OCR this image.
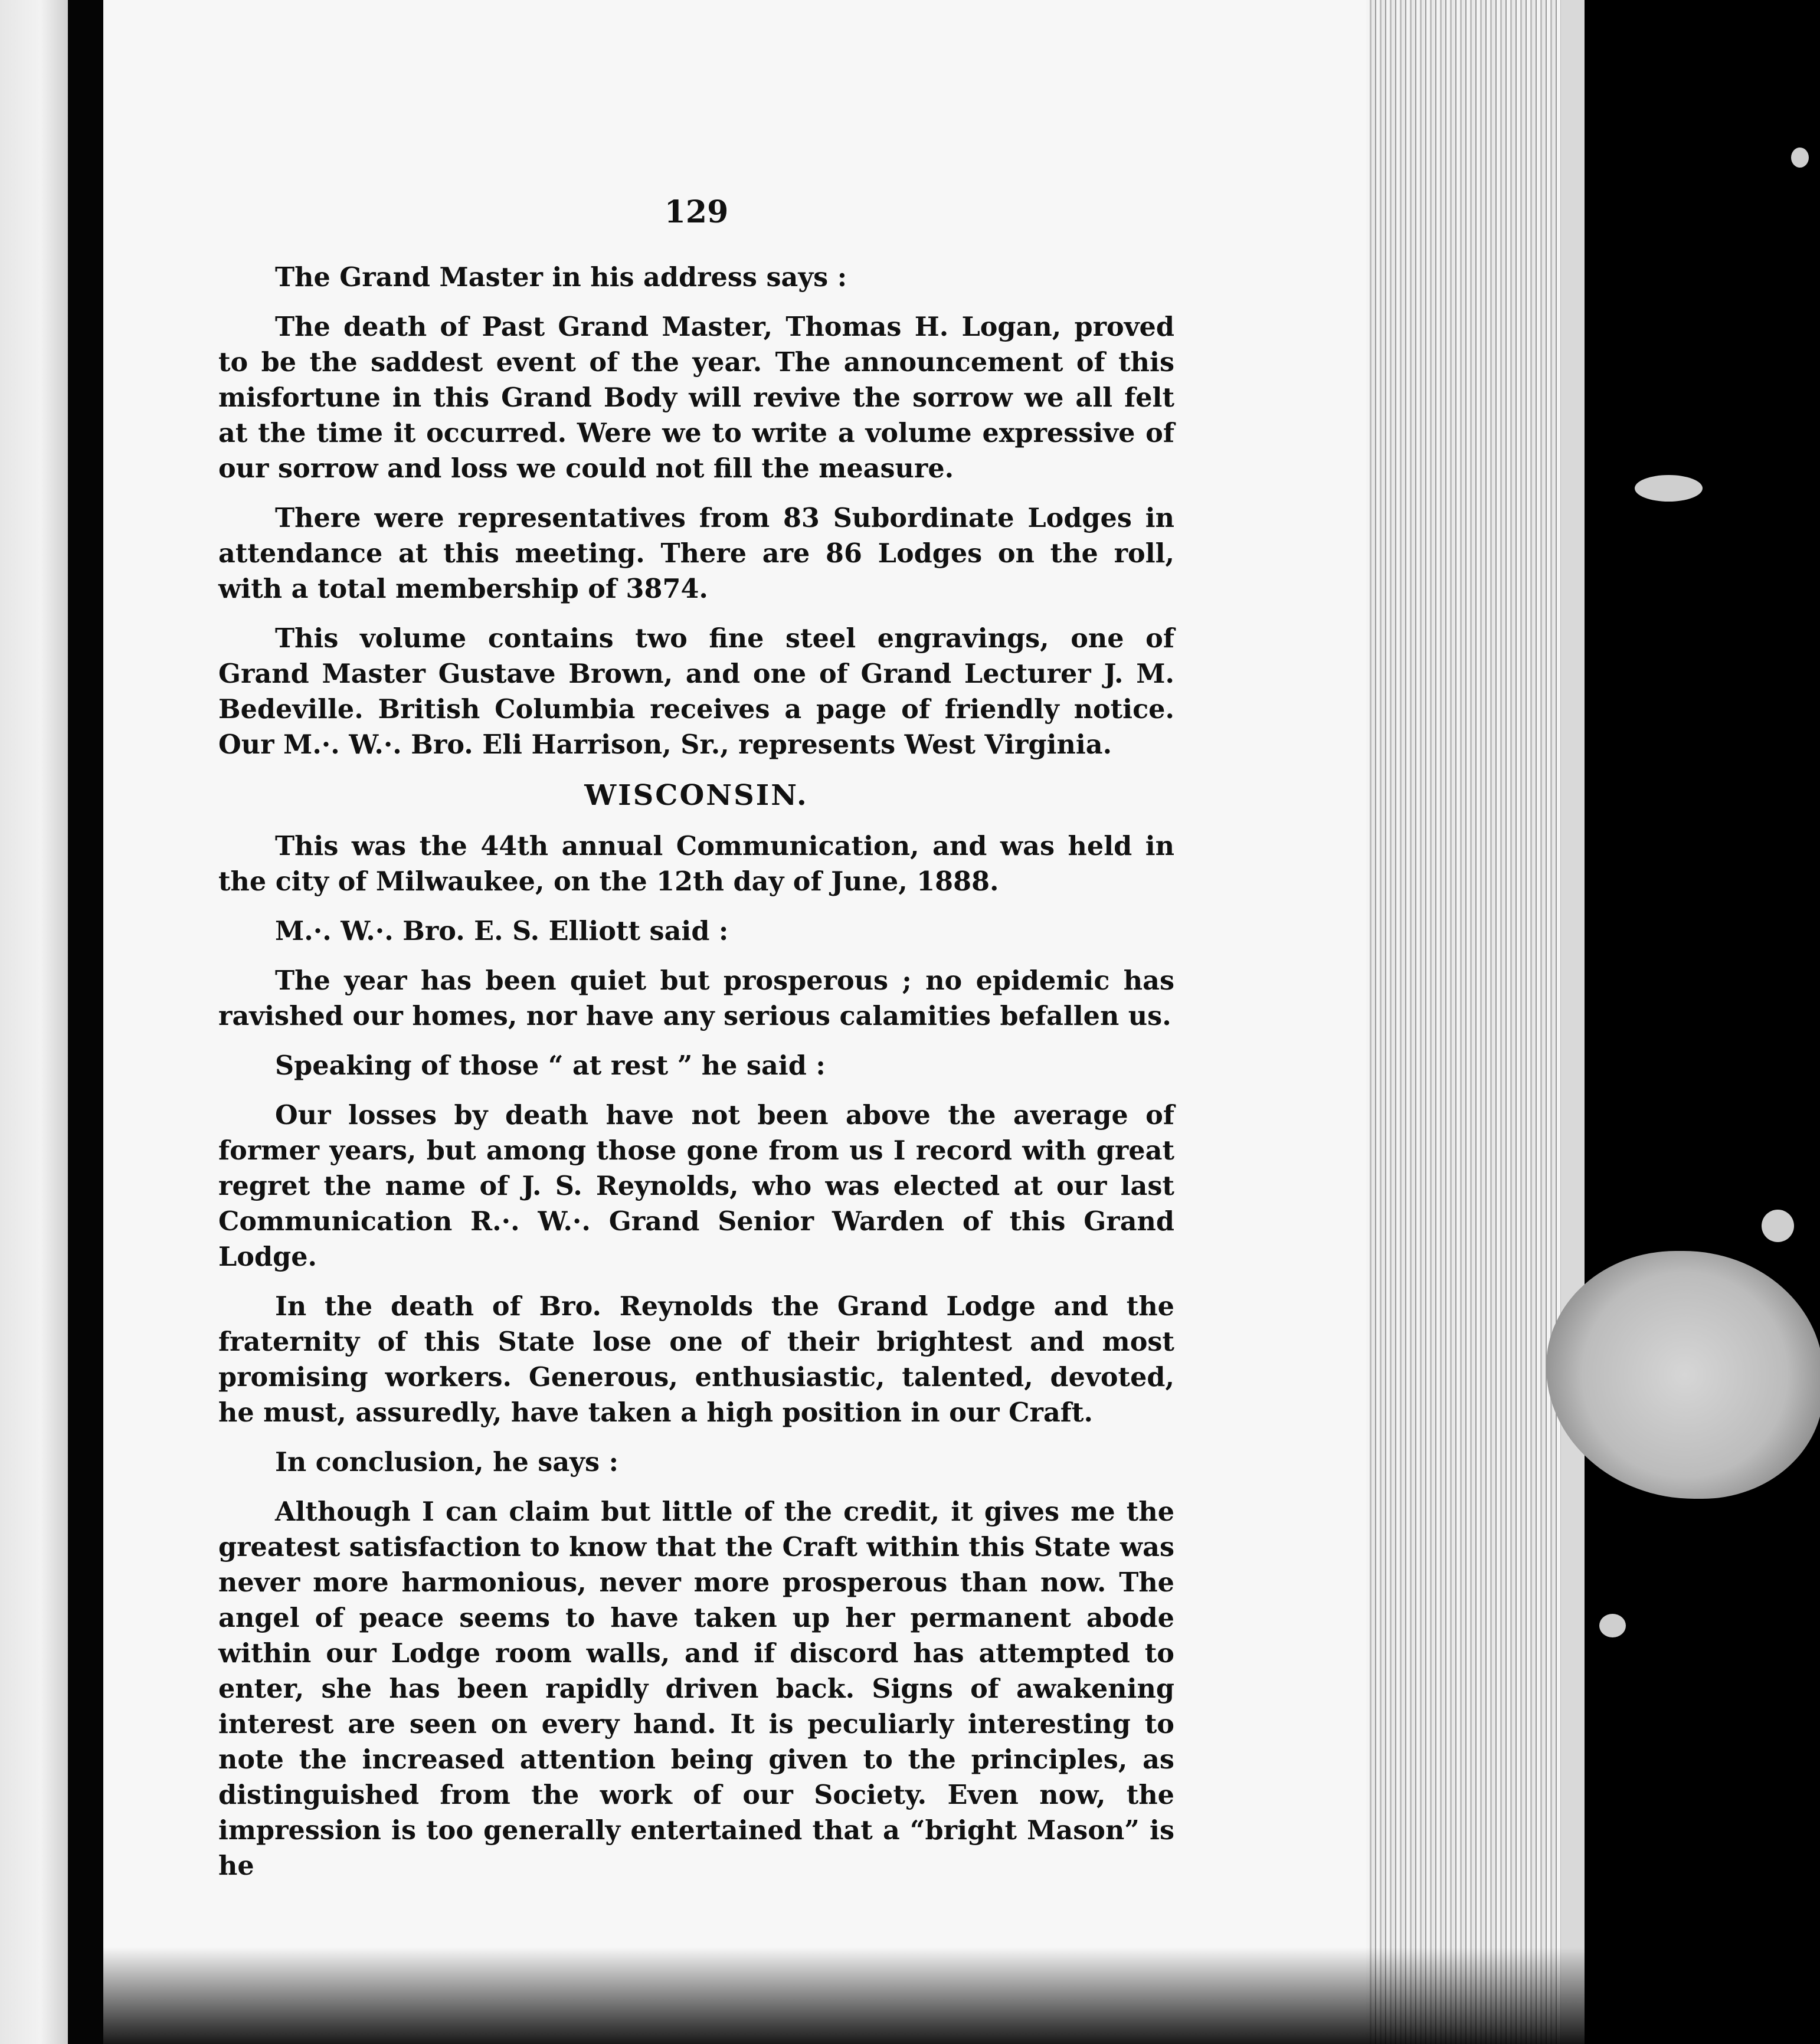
129

The Grand Master in his address says :

The death of Past Grand Master, Thomas H. Logan, proved to be the saddest event of the year. The announcement of this misfortune in this Grand Body will revive the sorrow we all felt at the time it occurred. Were we to write a volume expressive of our sorrow and loss we could not fill the measure.

There were representatives from 83 Subordinate Lodges in attendance at this meeting. There are 86 Lodges on the roll, with a total membership of 3874.

This volume contains two fine steel engravings, one of Grand Master Gustave Brown, and one of Grand Lecturer J. M. Bedeville. British Columbia receives a page of friendly notice. Our M.·. W.·. Bro. Eli Harrison, Sr., represents West Virginia.

WISCONSIN.

This was the 44th annual Communication, and was held in the city of Milwaukee, on the 12th day of June, 1888.

M.·. W.·. Bro. E. S. Elliott said :

The year has been quiet but prosperous ; no epidemic has ravished our homes, nor have any serious calamities befallen us.

Speaking of those “ at rest ” he said :

Our losses by death have not been above the average of former years, but among those gone from us I record with great regret the name of J. S. Reynolds, who was elected at our last Communication R.·. W.·. Grand Senior Warden of this Grand Lodge.

In the death of Bro. Reynolds the Grand Lodge and the fraternity of this State lose one of their brightest and most promising workers. Generous, enthusiastic, talented, devoted, he must, assuredly, have taken a high position in our Craft.

In conclusion, he says :

Although I can claim but little of the credit, it gives me the greatest satisfaction to know that the Craft within this State was never more harmonious, never more prosperous than now. The angel of peace seems to have taken up her permanent abode within our Lodge room walls, and if discord has attempted to enter, she has been rapidly driven back. Signs of awakening interest are seen on every hand. It is peculiarly interesting to note the increased attention being given to the principles, as distinguished from the work of our Society. Even now, the impression is too generally entertained that a “bright Mason” is he
